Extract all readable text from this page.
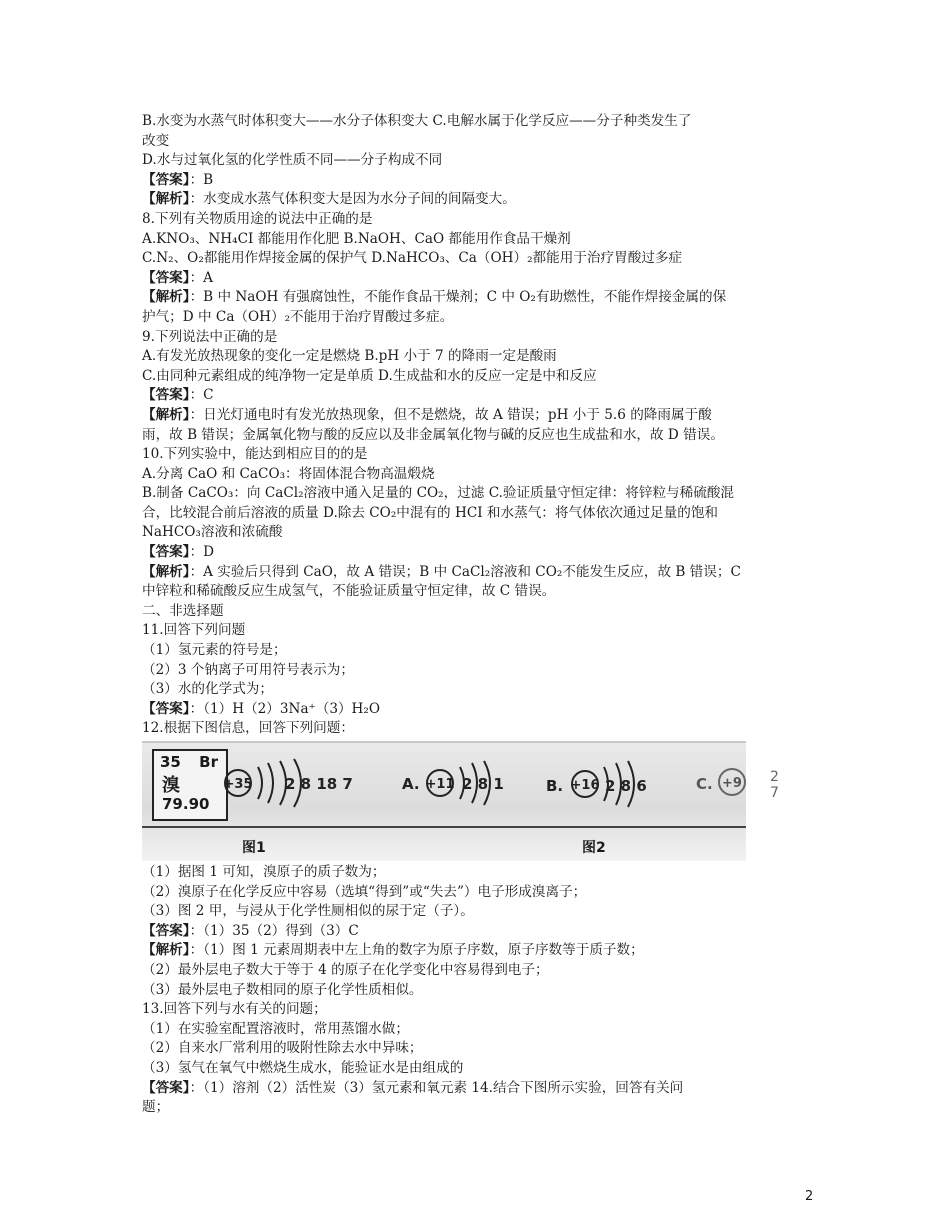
B.水变为水蒸气时体积变大——水分子体积变大 C.电解水属于化学反应——分子种类发生了
改变
D.水与过氧化氢的化学性质不同——分子构成不同
【答案】：B
【解析】：水变成水蒸气体积变大是因为水分子间的间隔变大。
8.下列有关物质用途的说法中正确的是
A.KNO₃、NH₄CI 都能用作化肥 B.NaOH、CaO 都能用作食品干燥剂
C.N₂、O₂都能用作焊接金属的保护气 D.NaHCO₃、Ca（OH）₂都能用于治疗胃酸过多症
【答案】：A
【解析】：B 中 NaOH 有强腐蚀性，不能作食品干燥剂；C 中 O₂有助燃性，不能作焊接金属的保
护气；D 中 Ca（OH）₂不能用于治疗胃酸过多症。
9.下列说法中正确的是
A.有发光放热现象的变化一定是燃烧 B.pH 小于 7 的降雨一定是酸雨
C.由同种元素组成的纯净物一定是单质 D.生成盐和水的反应一定是中和反应
【答案】：C
【解析】：日光灯通电时有发光放热现象，但不是燃烧，故 A 错误；pH 小于 5.6 的降雨属于酸
雨，故 B 错误；金属氧化物与酸的反应以及非金属氧化物与碱的反应也生成盐和水，故 D 错误。
10.下列实验中，能达到相应目的的是
A.分离 CaO 和 CaCO₃：将固体混合物高温煅烧
B.制备 CaCO₃：向 CaCl₂溶液中通入足量的 CO₂，过滤 C.验证质量守恒定律：将锌粒与稀硫酸混
合，比较混合前后溶液的质量 D.除去 CO₂中混有的 HCI 和水蒸气：将气体依次通过足量的饱和
NaHCO₃溶液和浓硫酸
【答案】：D
【解析】：A 实验后只得到 CaO，故 A 错误；B 中 CaCl₂溶液和 CO₂不能发生反应，故 B 错误；C
中锌粒和稀硫酸反应生成氢气，不能验证质量守恒定律，故 C 错误。
二、非选择题
11.回答下列问题
（1）氢元素的符号是；
（2）3 个钠离子可用符号表示为；
（3）水的化学式为；
【答案】：（1）H（2）3Na⁺（3）H₂O
12.根据下图信息，回答下列问题：
35 Br
溴
79.90
+35 2 8 18 7	A. +11 2 8 1	B. +16 2 8 6	C. +9
图1	图2
2 7
（1）据图 1 可知，溴原子的质子数为；
（2）溴原子在化学反应中容易（选填“得到”或“失去”）电子形成溴离子；
（3）图 2 甲，与浸从于化学性厕相似的尿于定（子）。
【答案】：（1）35（2）得到（3）C
【解析】：（1）图 1 元素周期表中左上角的数字为原子序数，原子序数等于质子数；
（2）最外层电子数大于等于 4 的原子在化学变化中容易得到电子；
（3）最外层电子数相同的原子化学性质相似。
13.回答下列与水有关的问题；
（1）在实验室配置溶液时，常用蒸馏水做；
（2）自来水厂常利用的吸附性除去水中异味；
（3）氢气在氧气中燃烧生成水，能验证水是由组成的
【答案】：（1）溶剂（2）活性炭（3）氢元素和氧元素 14.结合下图所示实验，回答有关问
题；
2
